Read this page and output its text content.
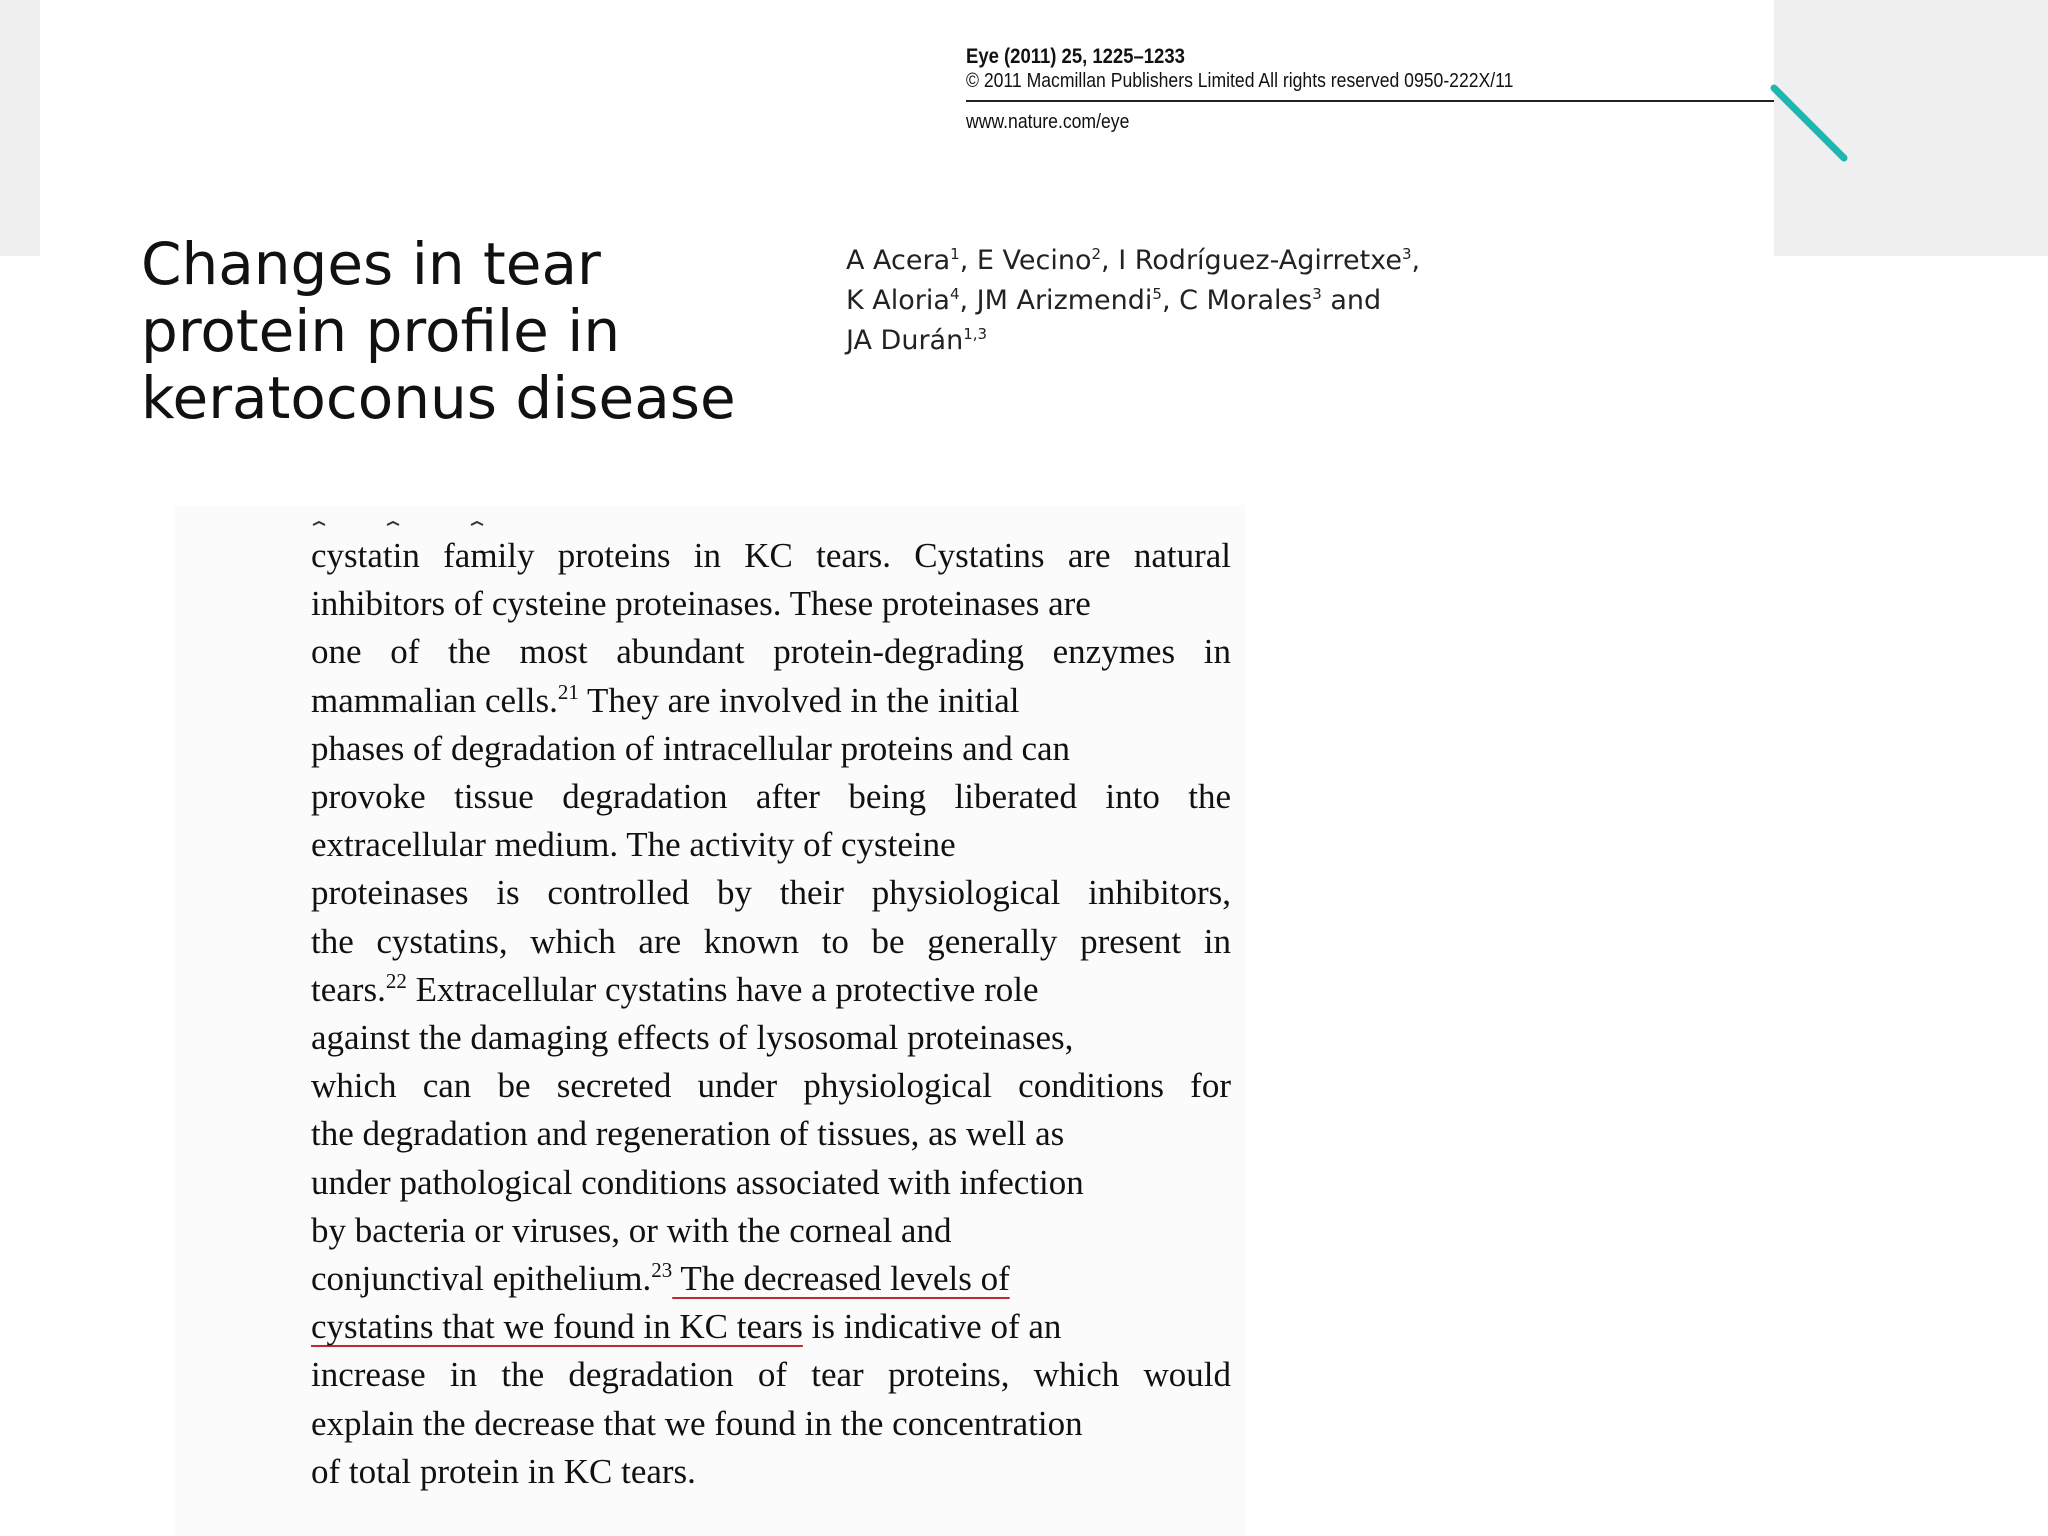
Eye (2011) 25, 1225–1233
© 2011 Macmillan Publishers Limited All rights reserved 0950-222X/11
www.nature.com/eye
Changes in tear
protein profile in
keratoconus disease
A Acera$^1$, E Vecino$^2$, I Rodríguez-Agirretxe$^3$,
K Aloria$^4$, JM Arizmendi$^5$, C Morales$^3$ and
JA Durán$^{1,3}$
cystatin family proteins in KC tears. Cystatins are natural
inhibitors of cysteine proteinases. These proteinases are
one of the most abundant protein-degrading enzymes in
mammalian cells.$^{21}$ They are involved in the initial
phases of degradation of intracellular proteins and can
provoke tissue degradation after being liberated into the
extracellular medium. The activity of cysteine
proteinases is controlled by their physiological inhibitors,
the cystatins, which are known to be generally present in
tears.$^{22}$ Extracellular cystatins have a protective role
against the damaging effects of lysosomal proteinases,
which can be secreted under physiological conditions for
the degradation and regeneration of tissues, as well as
under pathological conditions associated with infection
by bacteria or viruses, or with the corneal and
conjunctival epithelium.$^{23}$ The decreased levels of
cystatins that we found in KC tears is indicative of an
increase in the degradation of tear proteins, which would
explain the decrease that we found in the concentration
of total protein in KC tears.
